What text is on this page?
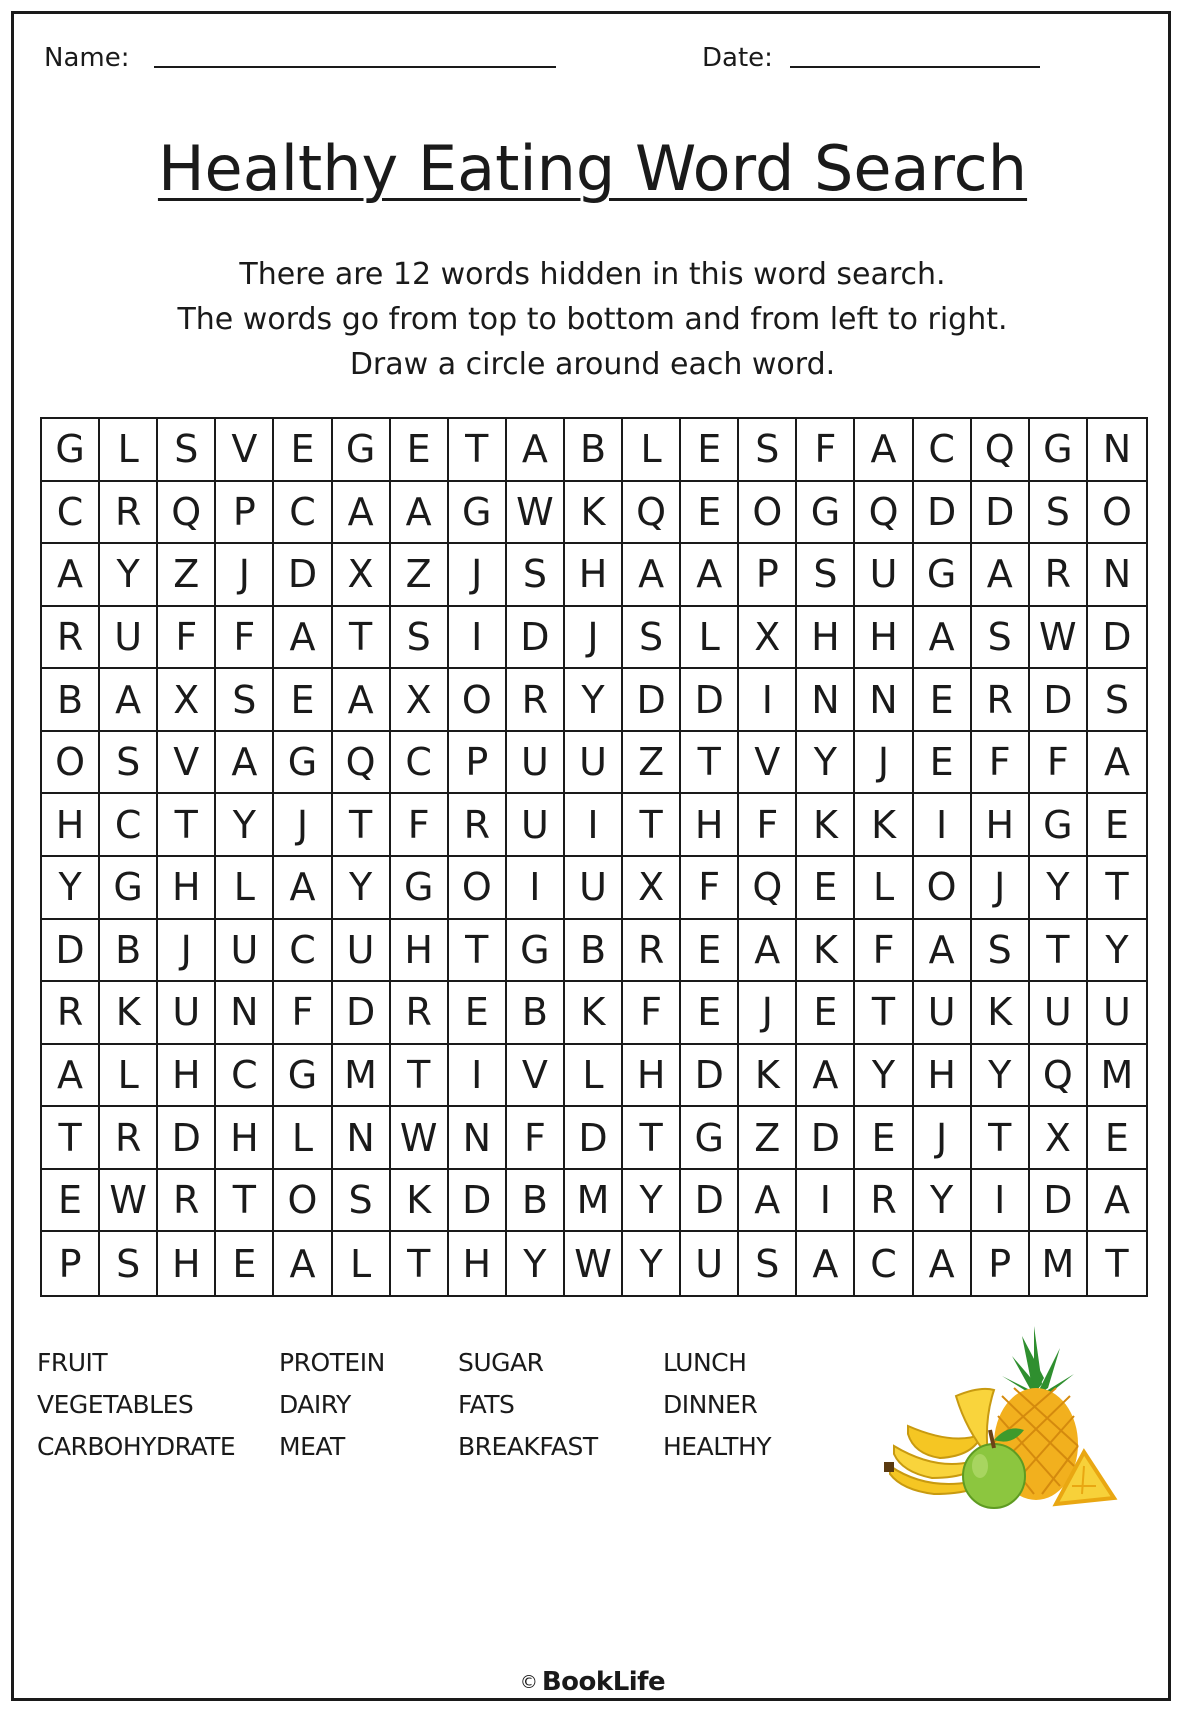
Name:	Date:
Healthy Eating Word Search
There are 12 words hidden in this word search.
The words go from top to bottom and from left to right.
Draw a circle around each word.
G L S V E G E T A B L E S F A C Q G N
C R Q P C A A G W K Q E O G Q D D S O
A Y Z	J D X Z	J	S H A A P S U G A R N
R U F F A T S	I D J	S L X H H A S W D
B A X S E A X O R Y D D I	N N E R D S
O S V A G Q C P U U Z T V Y	J	E F F A
H C T Y	J	T F R U	I	T H F K K	I	H G E
Y G H L A Y G O I	U X F Q E L O J	Y T
D B	J	U C U H T G B R E A K F A S T Y
R K U N F D R E B K F E	J	E T U K U U
A L H C G M T	I	V L H D K A Y H Y Q M
T R D H L N W N F D T G Z D E	J	T X E
E W R T O S K D B M Y D A	I	R Y	I D A
P S H E A L T H Y W Y U S A C A P M T
FRUIT
VEGETABLES
CARBOHYDRATE
PROTEIN
DAIRY
MEAT
SUGAR
FATS
BREAKFAST
LUNCH
DINNER
HEALTHY
© BookLife
